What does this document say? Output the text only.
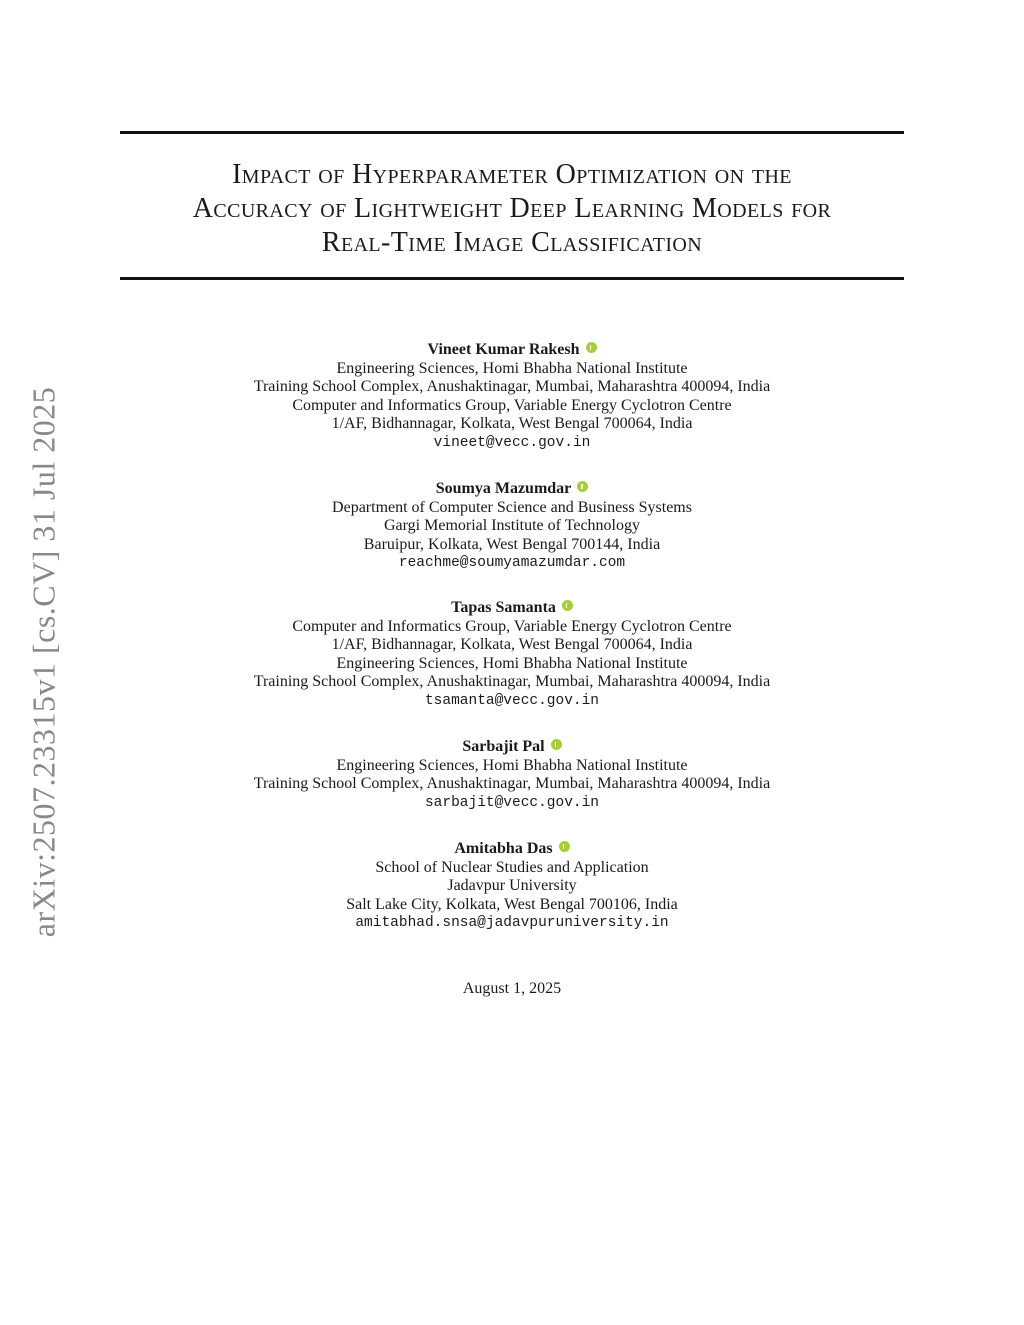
Impact of Hyperparameter Optimization on the
Accuracy of Lightweight Deep Learning Models for
Real-Time Image Classification
arXiv:2507.23315v1 [cs.CV] 31 Jul 2025
Vineet Kumar Rakesh
Engineering Sciences, Homi Bhabha National Institute
Training School Complex, Anushaktinagar, Mumbai, Maharashtra 400094, India
Computer and Informatics Group, Variable Energy Cyclotron Centre
1/AF, Bidhannagar, Kolkata, West Bengal 700064, India
vineet@vecc.gov.in
Soumya Mazumdar
Department of Computer Science and Business Systems
Gargi Memorial Institute of Technology
Baruipur, Kolkata, West Bengal 700144, India
reachme@soumyamazumdar.com
Tapas Samanta
Computer and Informatics Group, Variable Energy Cyclotron Centre
1/AF, Bidhannagar, Kolkata, West Bengal 700064, India
Engineering Sciences, Homi Bhabha National Institute
Training School Complex, Anushaktinagar, Mumbai, Maharashtra 400094, India
tsamanta@vecc.gov.in
Sarbajit Pal
Engineering Sciences, Homi Bhabha National Institute
Training School Complex, Anushaktinagar, Mumbai, Maharashtra 400094, India
sarbajit@vecc.gov.in
Amitabha Das
School of Nuclear Studies and Application
Jadavpur University
Salt Lake City, Kolkata, West Bengal 700106, India
amitabhad.snsa@jadavpuruniversity.in
August 1, 2025
